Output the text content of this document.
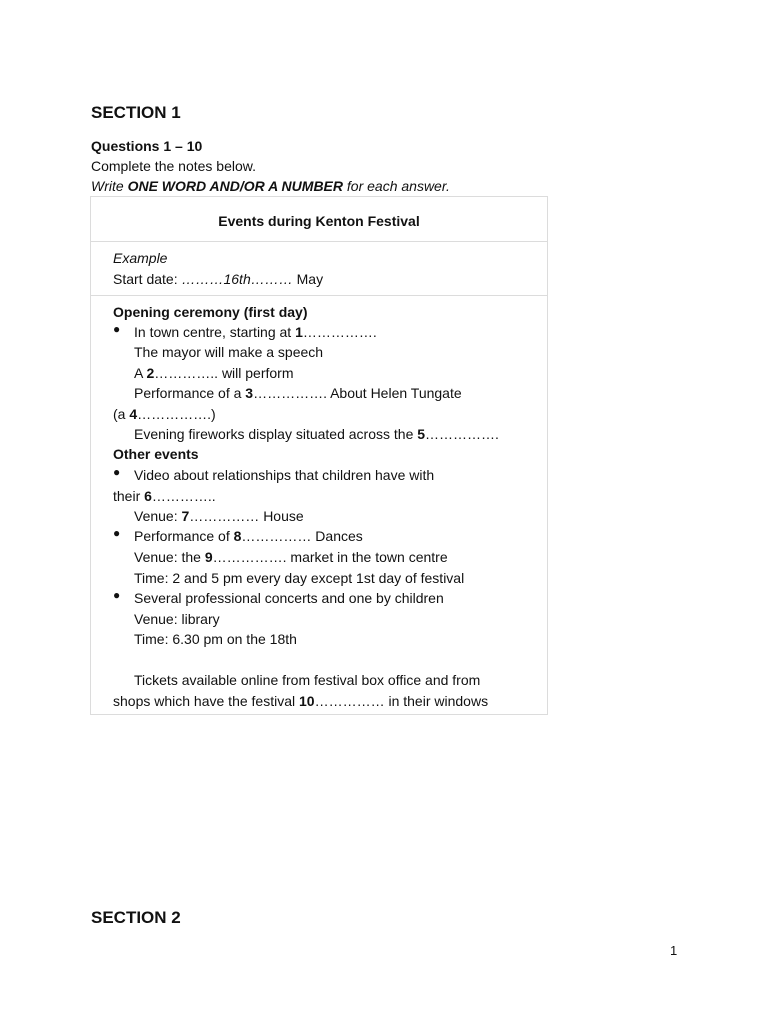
SECTION 1
Questions 1 – 10
Complete the notes below.
Write ONE WORD AND/OR A NUMBER for each answer.
Events during Kenton Festival
Example
Start date: ………16th……… May
Opening ceremony (first day)
● In town centre, starting at 1…………….
The mayor will make a speech
A 2………….. will perform
Performance of a 3……………. About Helen Tungate
(a 4…………….)
Evening fireworks display situated across the 5…………….
Other events
● Video about relationships that children have with
their 6…………..
Venue: 7…………… House
● Performance of 8…………… Dances
Venue: the 9……………. market in the town centre
Time: 2 and 5 pm every day except 1st day of festival
● Several professional concerts and one by children
Venue: library
Time: 6.30 pm on the 18th
Tickets available online from festival box office and from
shops which have the festival 10…………… in their windows
SECTION 2
1
